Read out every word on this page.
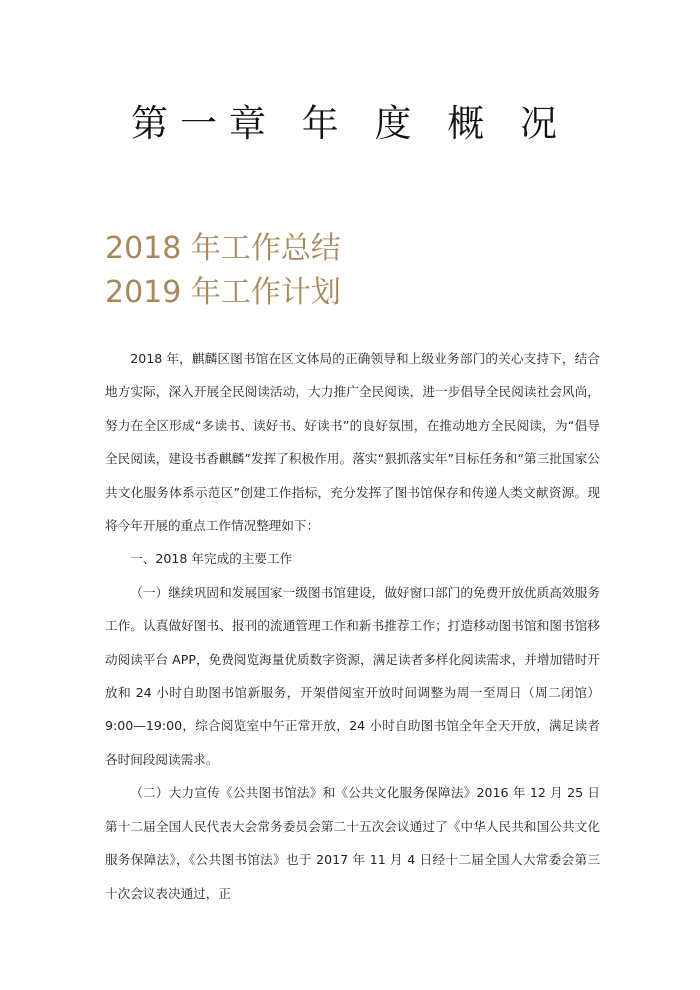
第一章 年 度 概 况
2018 年工作总结
2019 年工作计划

2018 年，麒麟区图书馆在区文体局的正确领导和上级业务部门的关心支持下，结合地方实际，深入开展全民阅读活动，大力推广全民阅读，进一步倡导全民阅读社会风尚，努力在全区形成“多读书、读好书、好读书”的良好氛围，在推动地方全民阅读，为“倡导全民阅读，建设书香麒麟”发挥了积极作用。落实“狠抓落实年”目标任务和“第三批国家公共文化服务体系示范区”创建工作指标，充分发挥了图书馆保存和传递人类文献资源。现将今年开展的重点工作情况整理如下：

一、2018 年完成的主要工作

（一）继续巩固和发展国家一级图书馆建设，做好窗口部门的免费开放优质高效服务工作。认真做好图书、报刊的流通管理工作和新书推荐工作；打造移动图书馆和图书馆移动阅读平台 APP，免费阅览海量优质数字资源，满足读者多样化阅读需求，并增加错时开放和 24 小时自助图书馆新服务，开架借阅室开放时间调整为周一至周日（周二闭馆）9:00—19:00，综合阅览室中午正常开放，24 小时自助图书馆全年全天开放，满足读者各时间段阅读需求。

（二）大力宣传《公共图书馆法》和《公共文化服务保障法》2016 年 12 月 25 日第十二届全国人民代表大会常务委员会第二十五次会议通过了《中华人民共和国公共文化服务保障法》，《公共图书馆法》也于 2017 年 11 月 4 日经十二届全国人大常委会第三十次会议表决通过，正
